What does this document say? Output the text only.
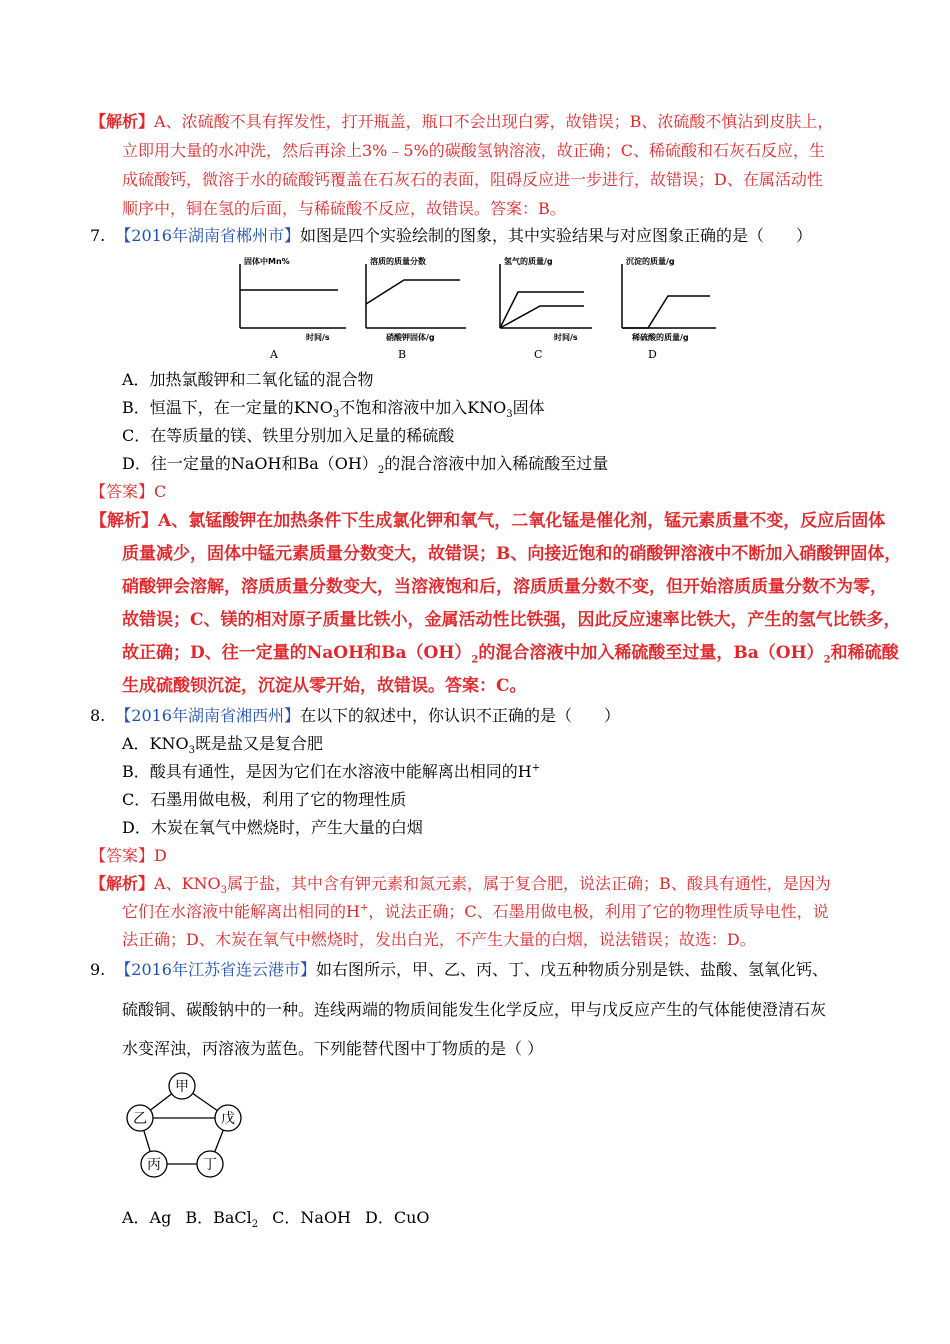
【解析】A、浓硫酸不具有挥发性，打开瓶盖，瓶口不会出现白雾，故错误；B、浓硫酸不慎沾到皮肤上，
立即用大量的水冲洗，然后再涂上3%﹣5%的碳酸氢钠溶液，故正确；C、稀硫酸和石灰石反应，生
成硫酸钙，微溶于水的硫酸钙覆盖在石灰石的表面，阻碍反应进一步进行，故错误；D、在属活动性
顺序中，铜在氢的后面，与稀硫酸不反应，故错误。答案：B。
7. 【2016年湖南省郴州市】如图是四个实验绘制的图象，其中实验结果与对应图象正确的是（　　）
固体中Mn%
时间/s
A
溶质的质量分数
硝酸钾固体/g
B
氢气的质量/g
时间/s
C
沉淀的质量/g
稀硫酸的质量/g
D
A．加热氯酸钾和二氧化锰的混合物
B．恒温下，在一定量的$KNO_3$不饱和溶液中加入$KNO_3$固体
C．在等质量的镁、铁里分别加入足量的稀硫酸
D．往一定量的NaOH和$Ba(OH)_2$的混合溶液中加入稀硫酸至过量
【答案】C
【解析】A、氯锰酸钾在加热条件下生成氯化钾和氧气，二氧化锰是催化剂，锰元素质量不变，反应后固体
质量减少，固体中锰元素质量分数变大，故错误；B、向接近饱和的硝酸钾溶液中不断加入硝酸钾固体，
硝酸钾会溶解，溶质质量分数变大，当溶液饱和后，溶质质量分数不变，但开始溶质质量分数不为零，
故错误；C、镁的相对原子质量比铁小，金属活动性比铁强，因此反应速率比铁大，产生的氢气比铁多，
故正确；D、往一定量的NaOH和$Ba(OH)_2$的混合溶液中加入稀硫酸至过量，$Ba(OH)_2$和稀硫酸
生成硫酸钡沉淀，沉淀从零开始，故错误。答案：C。
8. 【2016年湖南省湘西州】在以下的叙述中，你认识不正确的是（　　）
A．$KNO_3$既是盐又是复合肥
B．酸具有通性，是因为它们在水溶液中能解离出相同的H+
C．石墨用做电极，利用了它的物理性质
D．木炭在氧气中燃烧时，产生大量的白烟
【答案】D
【解析】A、$KNO_3$属于盐，其中含有钾元素和氮元素，属于复合肥，说法正确；B、酸具有通性，是因为
它们在水溶液中能解离出相同的H+，说法正确；C、石墨用做电极，利用了它的物理性质导电性，说
法正确；D、木炭在氧气中燃烧时，发出白光，不产生大量的白烟，说法错误；故选：D。
9. 【2016年江苏省连云港市】如右图所示，甲、乙、丙、丁、戊五种物质分别是铁、盐酸、氢氧化钙、
硫酸铜、碳酸钠中的一种。连线两端的物质间能发生化学反应，甲与戊反应产生的气体能使澄清石灰
水变浑浊，丙溶液为蓝色。下列能替代图中丁物质的是（ ）
甲
乙	戊
丙	丁
A．Ag B．BaCl$_2$ C．NaOH D．CuO
